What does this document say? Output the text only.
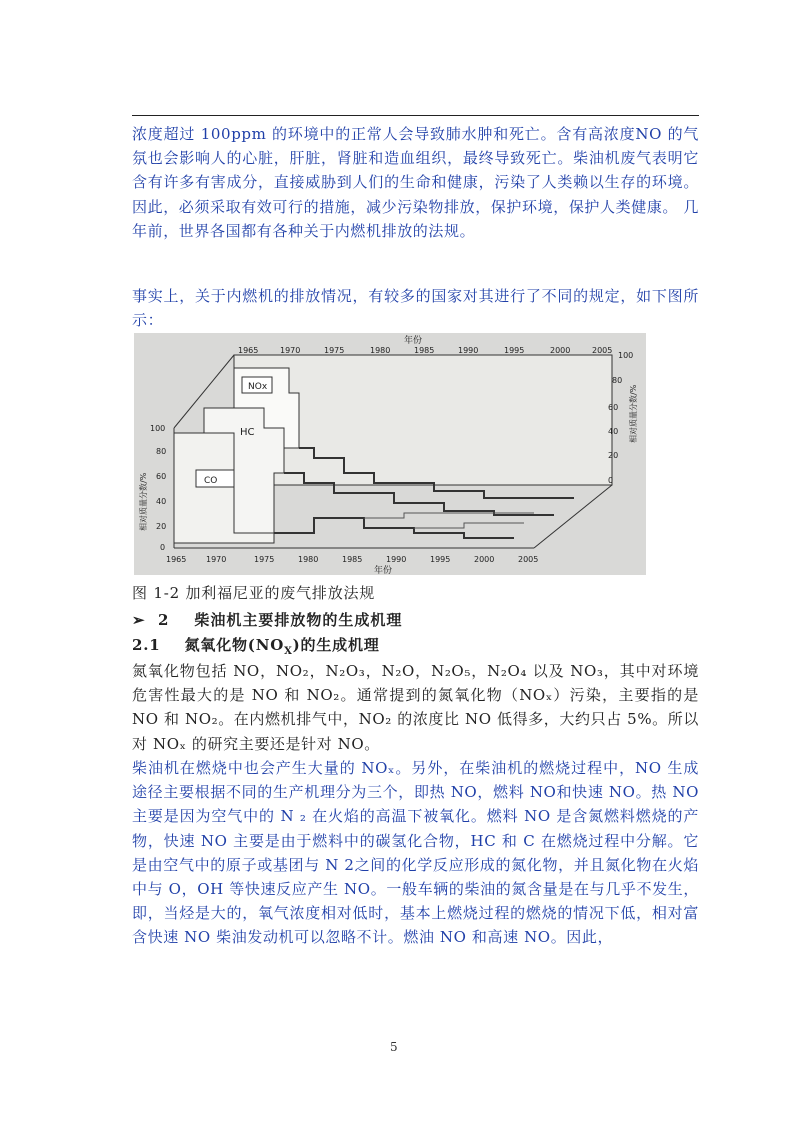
浓度超过 100ppm 的环境中的正常人会导致肺水肿和死亡。含有高浓度NO 的气氛也会影响人的心脏，肝脏，肾脏和造血组织，最终导致死亡。柴油机废气表明它含有许多有害成分，直接威胁到人们的生命和健康，污染了人类赖以生存的环境。 因此，必须采取有效可行的措施，减少污染物排放，保护环境，保护人类健康。 几年前，世界各国都有各种关于内燃机排放的法规。

事实上，关于内燃机的排放情况，有较多的国家对其进行了不同的规定，如下图所示：

年份
年份
1965	1970	1975	1980	1985	1990	1995	2000	2005
1965 1970	1975	1980	1985	1990	1995	2000	2005
100
80
60
40
20
0
100
80
60
40
20
0
相对质量分数/%
相对质量分数/%
NOx
HC
CO
图 1-2 加利福尼亚的废气排放法规
➢ 2 柴油机主要排放物的生成机理
2.1 氮氧化物$(NO_X)$的生成机理

氮氧化物包括 NO，NO₂，N₂O₃，N₂O，N₂O₅，N₂O₄ 以及 NO₃，其中对环境危害性最大的是 NO 和 NO₂。通常提到的氮氧化物（NOₓ）污染，主要指的是 NO 和 NO₂。在内燃机排气中，NO₂ 的浓度比 NO 低得多，大约只占 5%。所以对 NOₓ 的研究主要还是针对 NO。

柴油机在燃烧中也会产生大量的 NOₓ。另外，在柴油机的燃烧过程中，NO 生成途径主要根据不同的生产机理分为三个，即热 NO，燃料 NO和快速 NO。热 NO 主要是因为空气中的 N ₂ 在火焰的高温下被氧化。燃料 NO 是含氮燃料燃烧的产物，快速 NO 主要是由于燃料中的碳氢化合物，HC 和 C 在燃烧过程中分解。它是由空气中的原子或基团与 N 2之间的化学反应形成的氮化物，并且氮化物在火焰中与 O，OH 等快速反应产生 NO。一般车辆的柴油的氮含量是在与几乎不发生，即，当烃是大的，氧气浓度相对低时，基本上燃烧过程的燃烧的情况下低，相对富含快速 NO 柴油发动机可以忽略不计。燃油 NO 和高速 NO。因此，

5
